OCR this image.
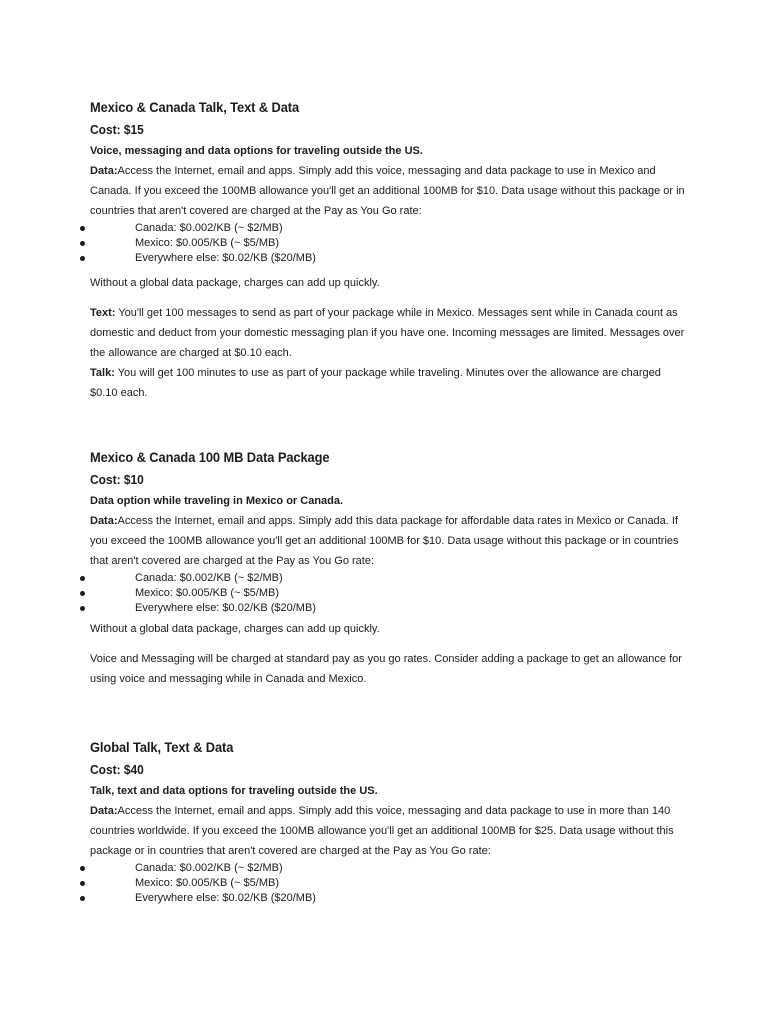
Mexico & Canada Talk, Text & Data
Cost: $15
Voice, messaging and data options for traveling outside the US.

Data:Access the Internet, email and apps. Simply add this voice, messaging and data package to use in Mexico and Canada. If you exceed the 100MB allowance you'll get an additional 100MB for $10. Data usage without this package or in countries that aren't covered are charged at the Pay as You Go rate:

Canada: $0.002/KB (~ $2/MB)
Mexico: $0.005/KB (~ $5/MB)
Everywhere else: $0.02/KB ($20/MB)

Without a global data package, charges can add up quickly.

Text: You'll get 100 messages to send as part of your package while in Mexico. Messages sent while in Canada count as domestic and deduct from your domestic messaging plan if you have one. Incoming messages are limited. Messages over the allowance are charged at $0.10 each.

Talk: You will get 100 minutes to use as part of your package while traveling. Minutes over the allowance are charged $0.10 each.

Mexico & Canada 100 MB Data Package
Cost: $10
Data option while traveling in Mexico or Canada.

Data:Access the Internet, email and apps. Simply add this data package for affordable data rates in Mexico or Canada. If you exceed the 100MB allowance you'll get an additional 100MB for $10. Data usage without this package or in countries that aren't covered are charged at the Pay as You Go rate:

Canada: $0.002/KB (~ $2/MB)
Mexico: $0.005/KB (~ $5/MB)
Everywhere else: $0.02/KB ($20/MB)

Without a global data package, charges can add up quickly.

Voice and Messaging will be charged at standard pay as you go rates. Consider adding a package to get an allowance for using voice and messaging while in Canada and Mexico.

Global Talk, Text & Data
Cost: $40
Talk, text and data options for traveling outside the US.

Data:Access the Internet, email and apps. Simply add this voice, messaging and data package to use in more than 140 countries worldwide. If you exceed the 100MB allowance you'll get an additional 100MB for $25. Data usage without this package or in countries that aren't covered are charged at the Pay as You Go rate:

Canada: $0.002/KB (~ $2/MB)
Mexico: $0.005/KB (~ $5/MB)
Everywhere else: $0.02/KB ($20/MB)
